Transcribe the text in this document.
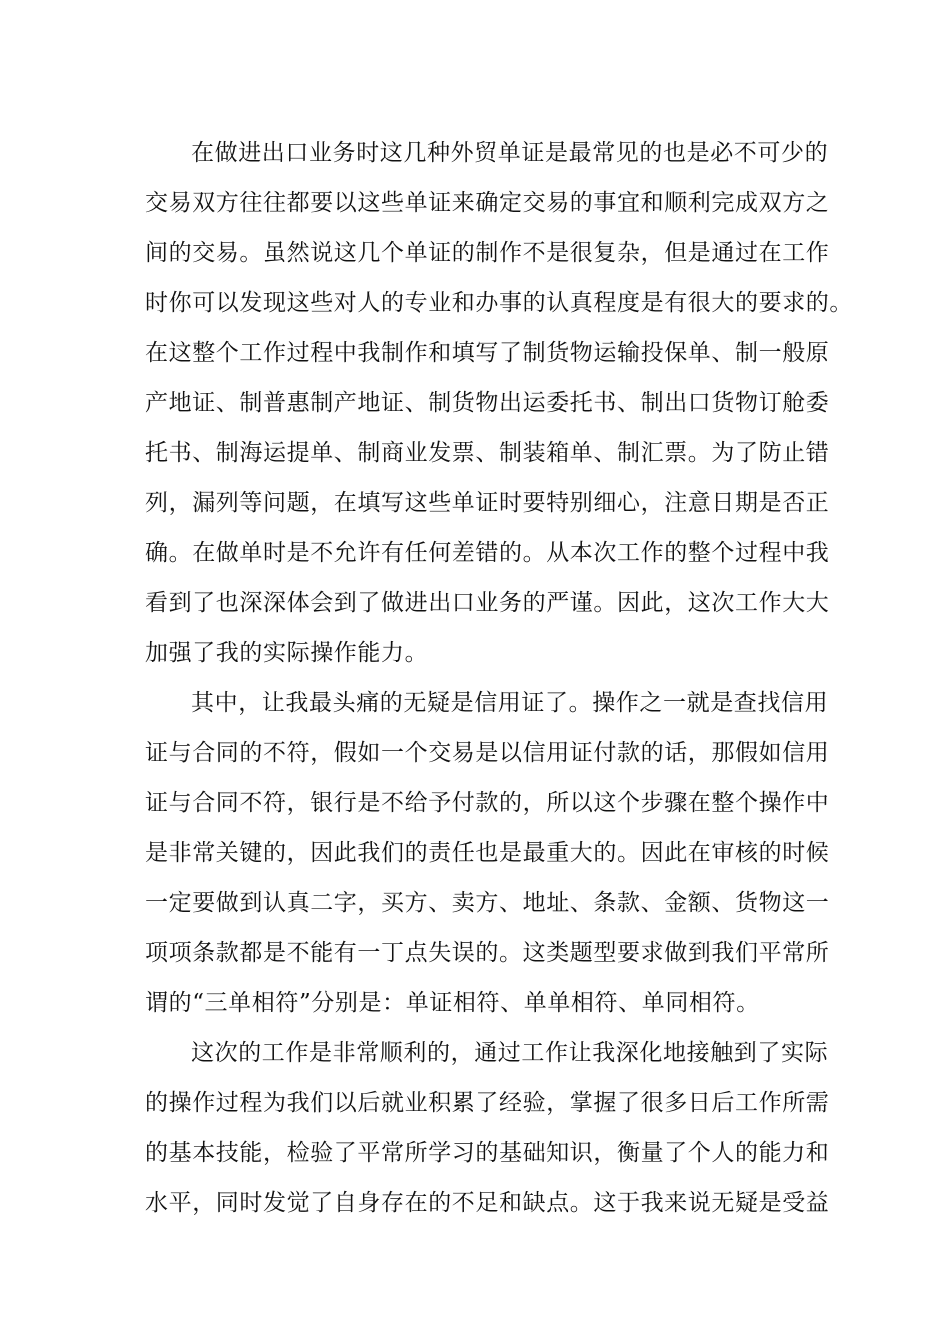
在做进出口业务时这几种外贸单证是最常见的也是必不可少的
交易双方往往都要以这些单证来确定交易的事宜和顺利完成双方之
间的交易。虽然说这几个单证的制作不是很复杂，但是通过在工作
时你可以发现这些对人的专业和办事的认真程度是有很大的要求的。
在这整个工作过程中我制作和填写了制货物运输投保单、制一般原
产地证、制普惠制产地证、制货物出运委托书、制出口货物订舱委
托书、制海运提单、制商业发票、制装箱单、制汇票。为了防止错
列，漏列等问题，在填写这些单证时要特别细心，注意日期是否正
确。在做单时是不允许有任何差错的。从本次工作的整个过程中我
看到了也深深体会到了做进出口业务的严谨。因此，这次工作大大
加强了我的实际操作能力。
其中，让我最头痛的无疑是信用证了。操作之一就是查找信用
证与合同的不符，假如一个交易是以信用证付款的话，那假如信用
证与合同不符，银行是不给予付款的，所以这个步骤在整个操作中
是非常关键的，因此我们的责任也是最重大的。因此在审核的时候
一定要做到认真二字，买方、卖方、地址、条款、金额、货物这一
项项条款都是不能有一丁点失误的。这类题型要求做到我们平常所
谓的“三单相符”分别是：单证相符、单单相符、单同相符。
这次的工作是非常顺利的，通过工作让我深化地接触到了实际
的操作过程为我们以后就业积累了经验，掌握了很多日后工作所需
的基本技能，检验了平常所学习的基础知识，衡量了个人的能力和
水平，同时发觉了自身存在的不足和缺点。这于我来说无疑是受益
